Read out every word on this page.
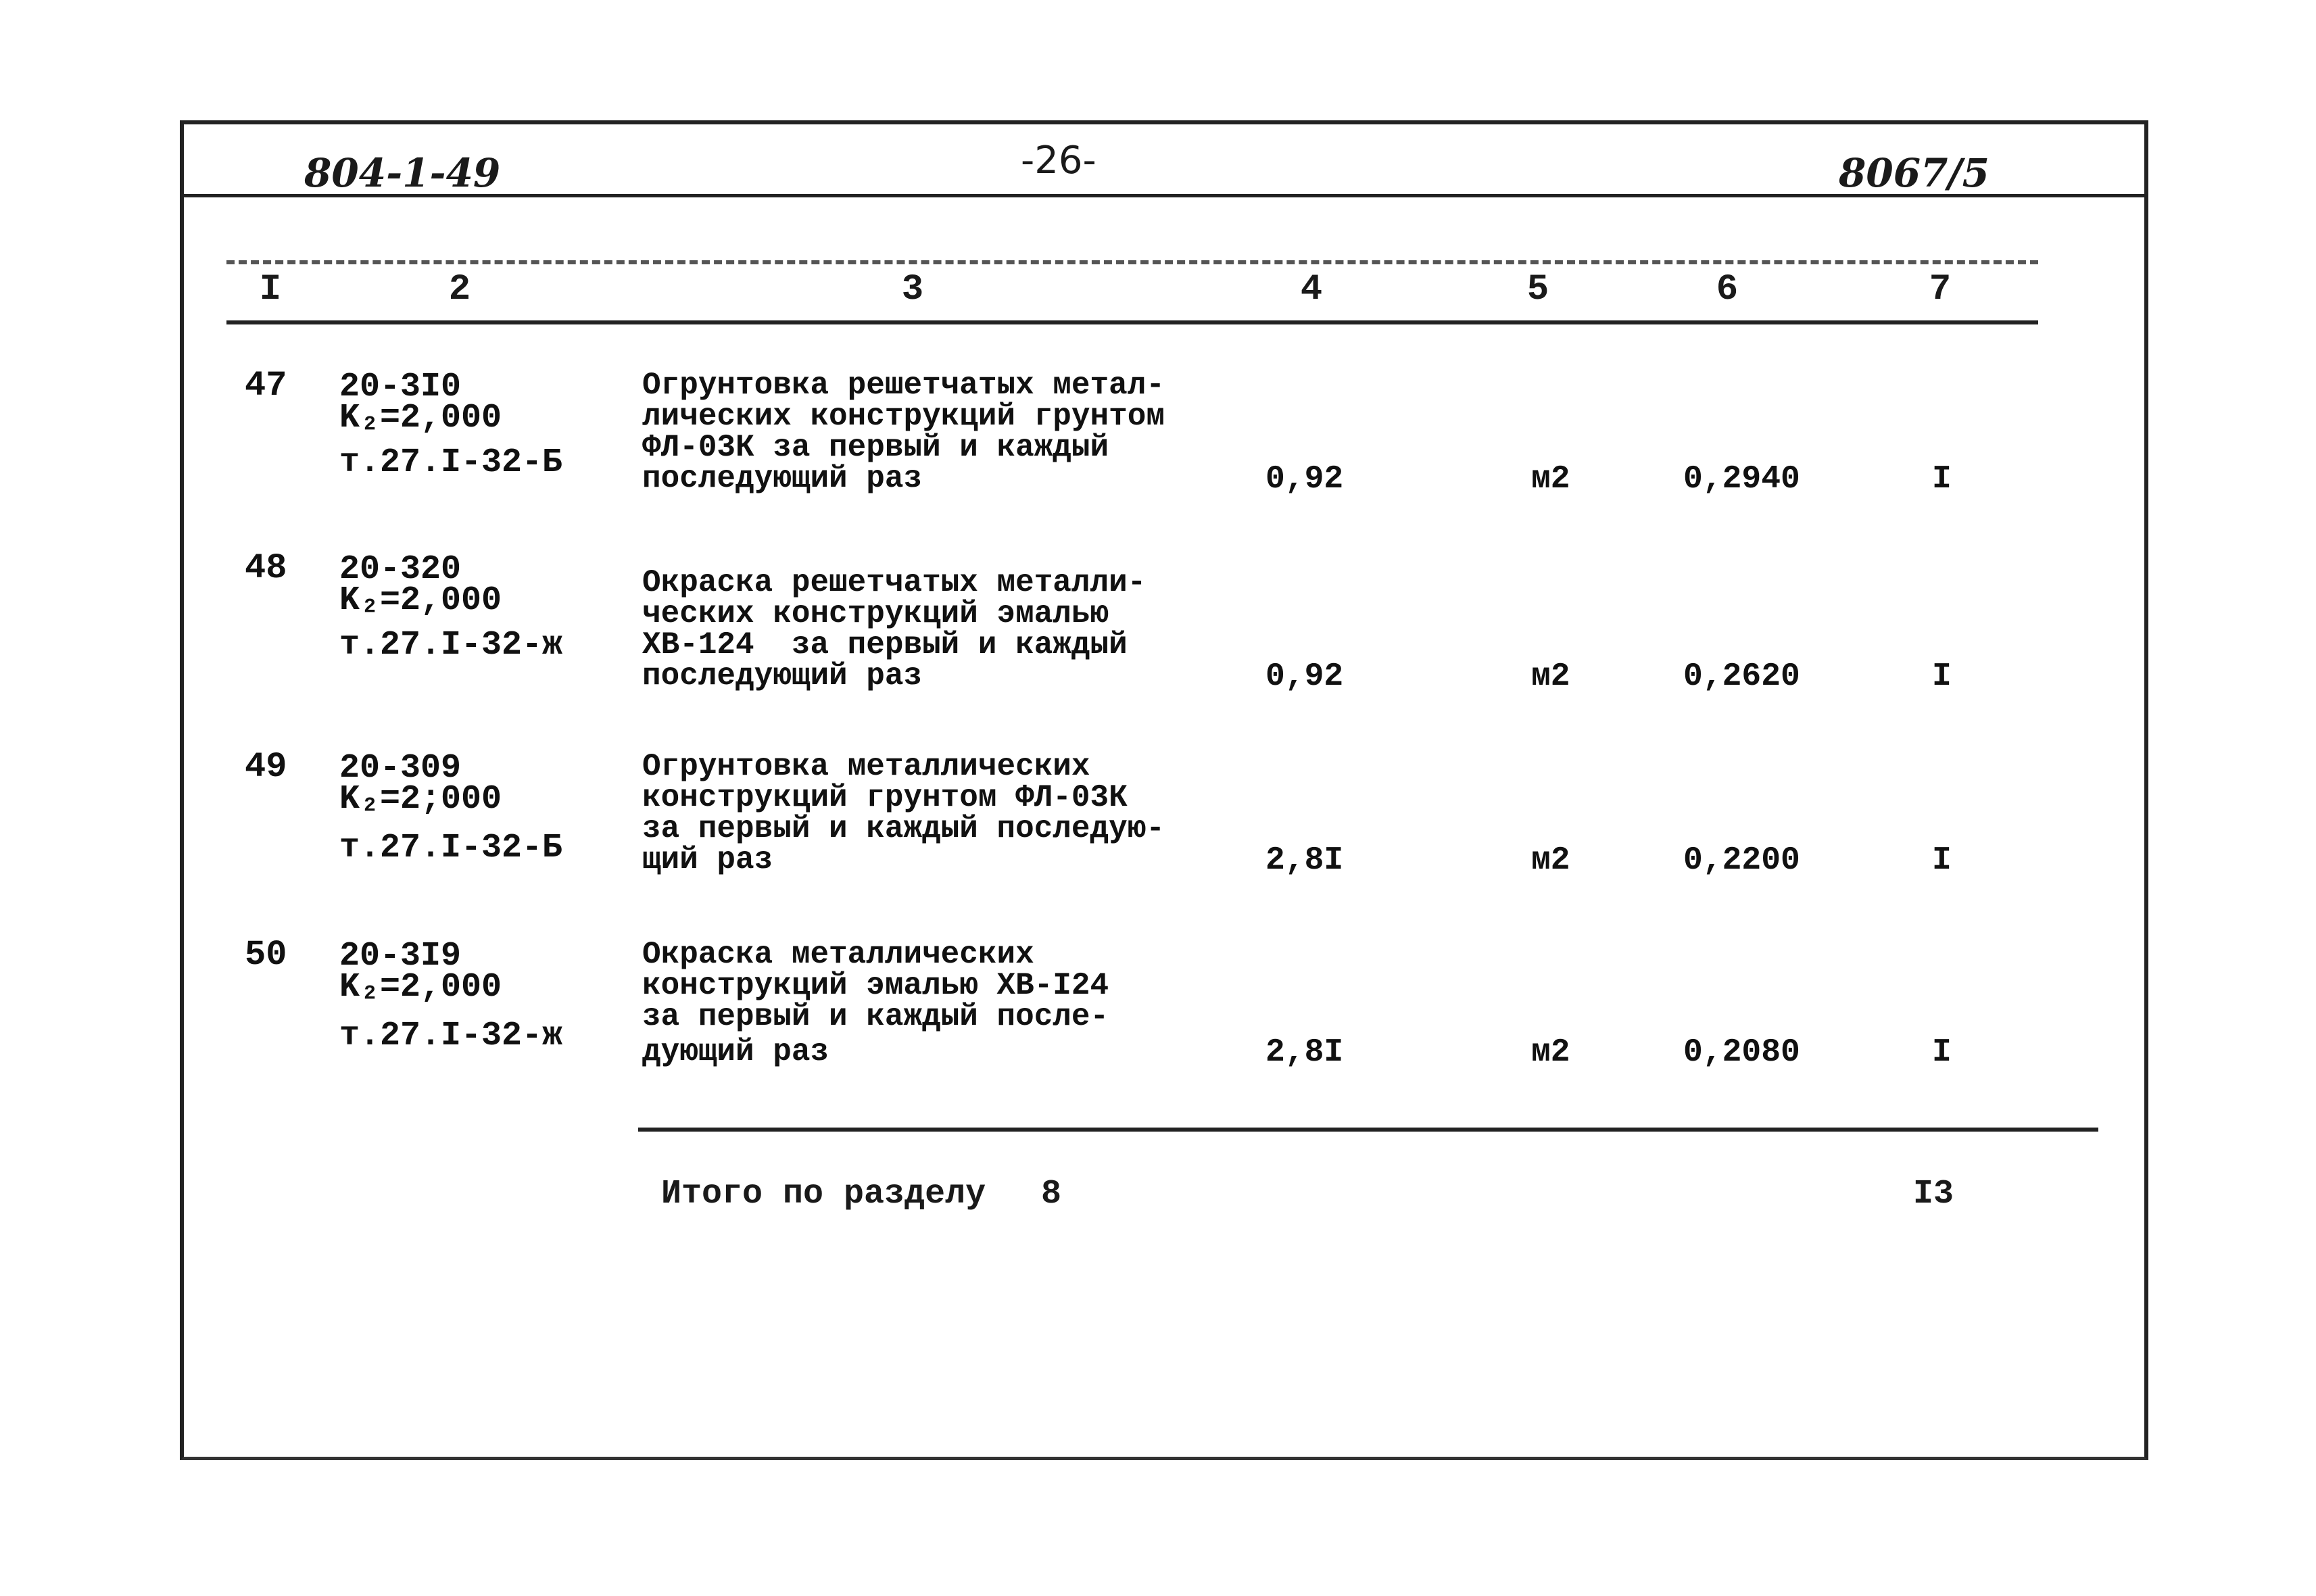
804-1-49	-26-	8067/5
I	2	3	4	5	6	7
47 20-3I0
K₂=2,000
т.27.I-32-Б
Огрунтовка решетчатых метал-
лических конструкций грунтом
ФЛ-03К за первый и каждый
последующий раз	0,92	м2	0,2940	I
48 20-320
K₂=2,000
т.27.I-32-ж
Окраска решетчатых металли-
ческих конструкций эмалью
ХВ-124  за первый и каждый
последующий раз	0,92	м2	0,2620	I
49 20-309
K₂=2;000
т.27.I-32-Б
Огрунтовка металлических
конструкций грунтом ФЛ-03К
за первый и каждый последую-
щий раз	2,8I	м2	0,2200	I
50 20-3I9
K₂=2,000
т.27.I-32-ж
Окраска металлических
конструкций эмалью ХВ-I24
за первый и каждый после-
дующий раз	2,8I	м2	0,2080	I
Итого по разделу 8	I3
